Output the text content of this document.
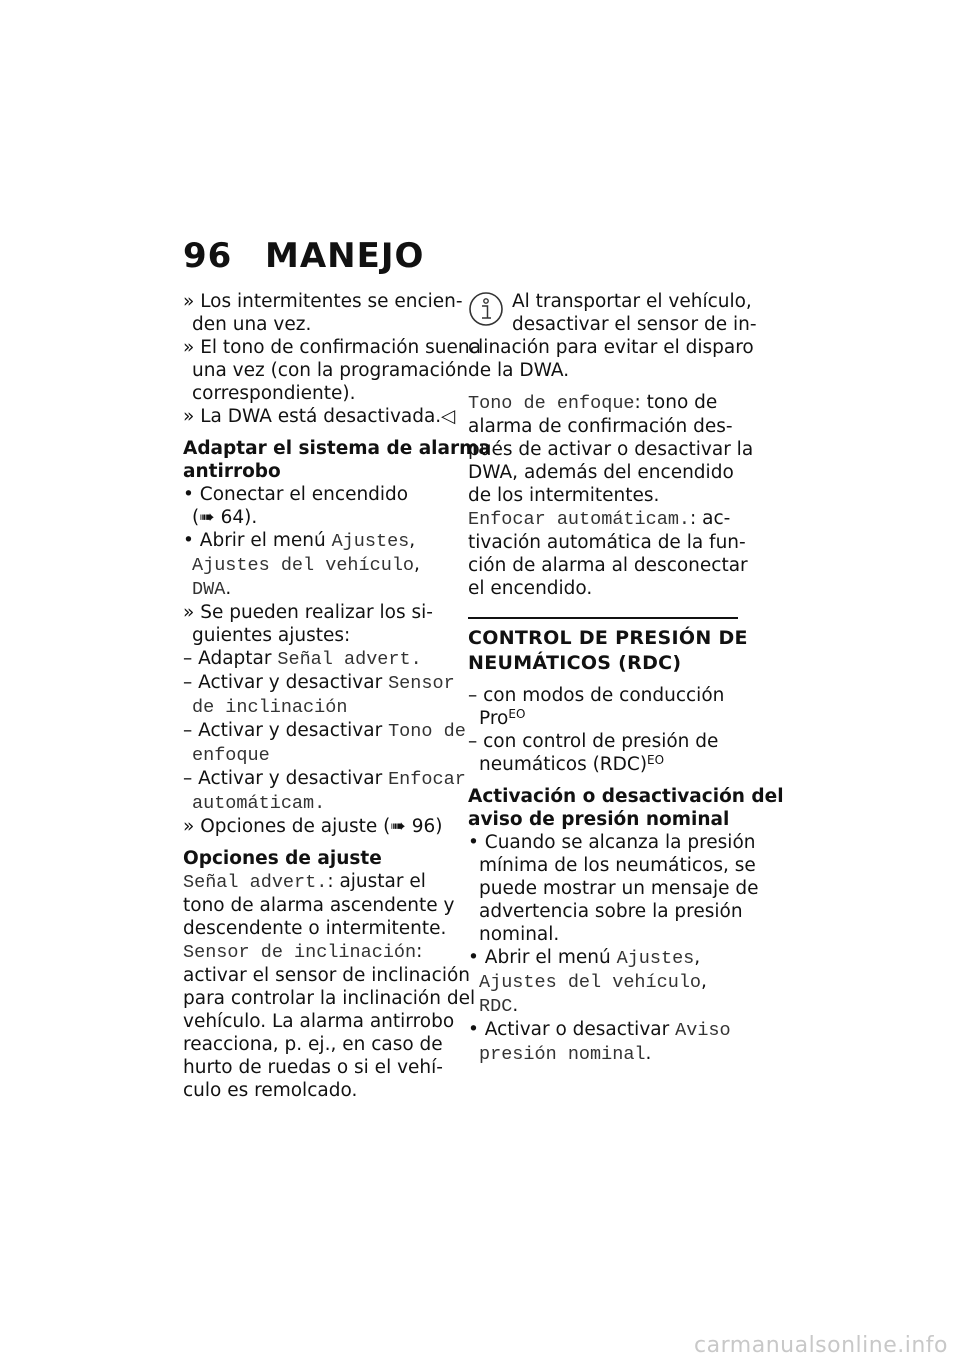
96 MANEJO
» Los intermitentes se encien-
den una vez.
» El tono de confirmación suena
una vez (con la programación
correspondiente).
» La DWA está desactivada.◁
Adaptar el sistema de alarma
antirrobo
• Conectar el encendido
(➠ 64).
• Abrir el menú Ajustes,
Ajustes del vehículo,
DWA.
» Se pueden realizar los si-
guientes ajustes:
– Adaptar Señal advert.
– Activar y desactivar Sensor
de inclinación
– Activar y desactivar Tono de
enfoque
– Activar y desactivar Enfocar
automáticam.
» Opciones de ajuste (➠ 96)
Opciones de ajuste
Señal advert.: ajustar el
tono de alarma ascendente y
descendente o intermitente.
Sensor de inclinación:
activar el sensor de inclinación
para controlar la inclinación del
vehículo. La alarma antirrobo
reacciona, p. ej., en caso de
hurto de ruedas o si el vehí-
culo es remolcado.
Al transportar el vehículo,
desactivar el sensor de in-
clinación para evitar el disparo
de la DWA.
Tono de enfoque: tono de
alarma de confirmación des-
pués de activar o desactivar la
DWA, además del encendido
de los intermitentes.
Enfocar automáticam.: ac-
tivación automática de la fun-
ción de alarma al desconectar
el encendido.
CONTROL DE PRESIÓN DE
NEUMÁTICOS (RDC)
– con modos de conducción
Pro$^{EO}$
– con control de presión de
neumáticos (RDC)$^{EO}$
Activación o desactivación del
aviso de presión nominal
• Cuando se alcanza la presión
mínima de los neumáticos, se
puede mostrar un mensaje de
advertencia sobre la presión
nominal.
• Abrir el menú Ajustes,
Ajustes del vehículo,
RDC.
• Activar o desactivar Aviso
presión nominal.
carmanualsonline.info
